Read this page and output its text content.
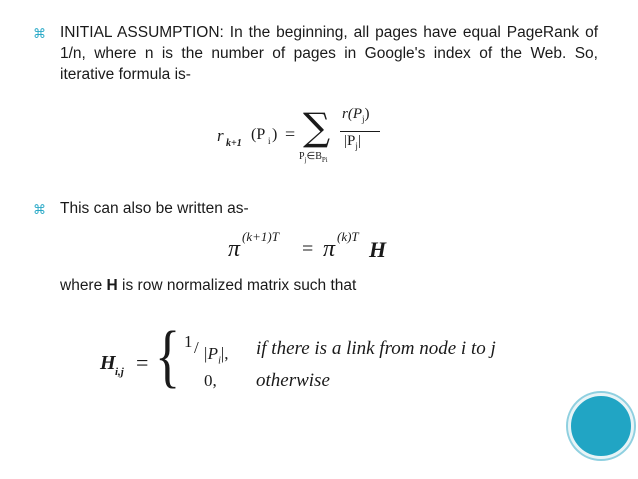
⌘ INITIAL ASSUMPTION: In the beginning, all pages have equal PageRank of 1/n, where n is the number of pages in Google's index of the Web. So, iterative formula is-
r k+1
(P i ) = ∑
$P_j\in B_{Pi}$
$r(P_j)$
$|P_j|$
⌘ This can also be written as-
π (k+1)T
= π (k)T
H
where H is row normalized matrix such that
H i,j = { $1 / |P_i|$, if there is a link from node i to j
0, otherwise
